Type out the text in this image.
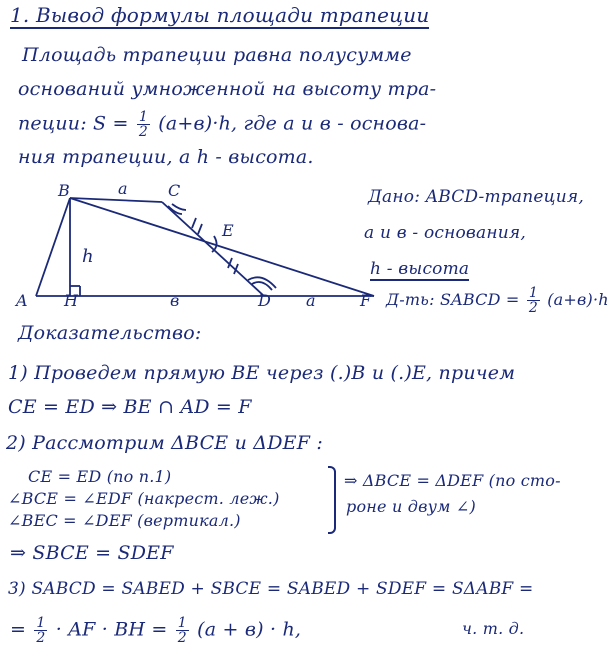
1. Вывод формулы площади трапеции
Площадь трапеции равна полусумме
оснований умноженной на высоту тра-
пеции: $S = \frac{1}{2} (a+в)\cdot h$, где a и в - основа-
ния трапеции, a h - высота.
B	C
a
E
h
A H	в	D a	F
Дано: ABCD-трапеция,
a и в - основания,
h - высота
Д-ть: SABCD = $\frac{1}{2} (a+в)\cdot h$
Доказательство:
1) Проведем прямую BE через (.)B и (.)E, причем
CE = ED ⇒ BE ∩ AD = F
2) Рассмотрим ΔBCE и ΔDEF :
CE = ED (по п.1)
∠BCE = ∠EDF (накрест. леж.)
∠BEC = ∠DEF (вертикал.)
⇒ ΔBCE = ΔDEF (по сто-
роне и двум ∠)
⇒ SBCE = SDEF
3) SABCD = SABED + SBCE = SABED + SDEF = SΔABF =
= $\frac{1}{2}$ · AF · BH = $\frac{1}{2} (a + в) \cdot h$,	ч. т. д.
